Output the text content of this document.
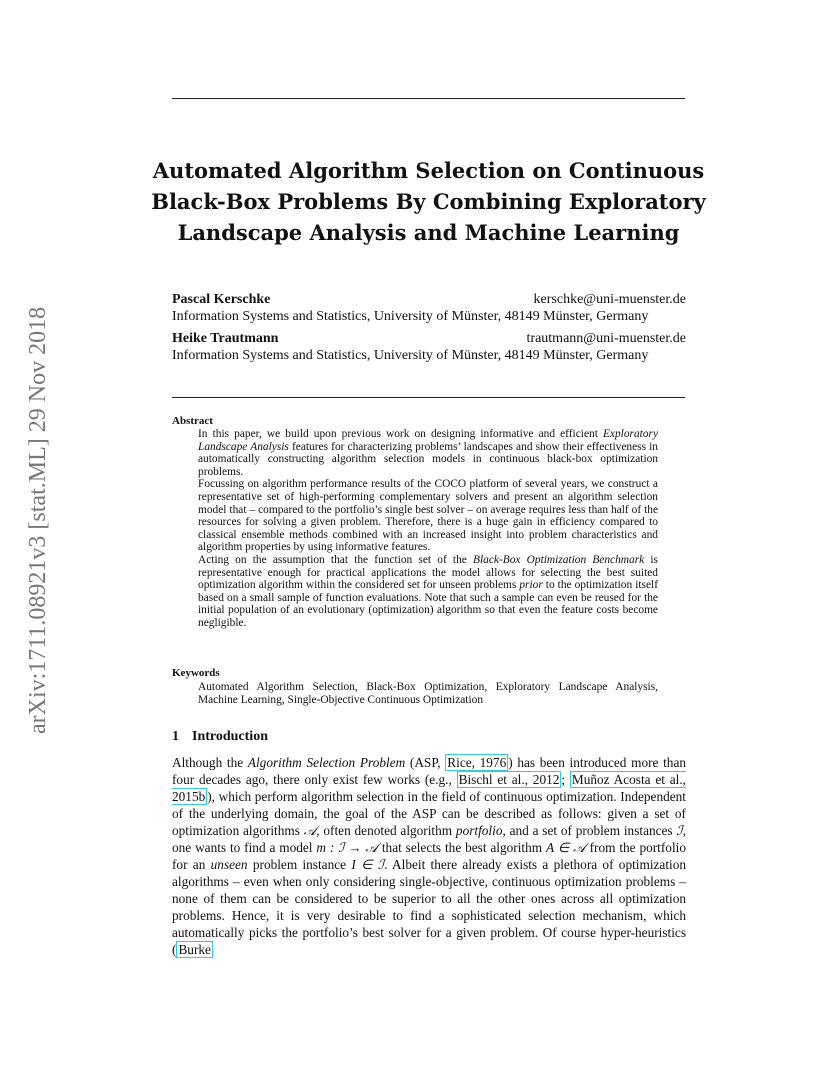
arXiv:1711.08921v3 [stat.ML] 29 Nov 2018
Automated Algorithm Selection on Continuous
Black-Box Problems By Combining Exploratory
Landscape Analysis and Machine Learning
Pascal Kerschke	kerschke@uni-muenster.de
Information Systems and Statistics, University of Münster, 48149 Münster, Germany
Heike Trautmann	trautmann@uni-muenster.de
Information Systems and Statistics, University of Münster, 48149 Münster, Germany
Abstract

In this paper, we build upon previous work on designing informative and efficient Exploratory Landscape Analysis features for characterizing problems’ landscapes and show their effectiveness in automatically constructing algorithm selection models in continuous black-box optimization problems.

Focussing on algorithm performance results of the COCO platform of several years, we construct a representative set of high-performing complementary solvers and present an algorithm selection model that – compared to the portfolio’s single best solver – on average requires less than half of the resources for solving a given problem. Therefore, there is a huge gain in efficiency compared to classical ensemble methods combined with an increased insight into problem characteristics and algorithm properties by using informative features.

Acting on the assumption that the function set of the Black-Box Optimization Benchmark is representative enough for practical applications the model allows for selecting the best suited optimization algorithm within the considered set for unseen problems prior to the optimization itself based on a small sample of function evaluations. Note that such a sample can even be reused for the initial population of an evolutionary (optimization) algorithm so that even the feature costs become negligible.

Keywords
Automated Algorithm Selection, Black-Box Optimization, Exploratory Landscape Analysis, Machine Learning, Single-Objective Continuous Optimization
1 Introduction

Although the Algorithm Selection Problem (ASP, Rice, 1976 ) has been introduced more than four decades ago, there only exist few works (e.g., Bischl et al., 2012 ; Muñoz Acosta et al., 2015b ), which perform algorithm selection in the field of continuous optimization. Independent of the underlying domain, the goal of the ASP can be described as follows: given a set of optimization algorithms 𝒜, often denoted algorithm portfolio, and a set of problem instances ℐ, one wants to find a model m : ℐ → 𝒜 that selects the best algorithm A ∈ 𝒜 from the portfolio for an unseen problem instance I ∈ ℐ. Albeit there already exists a plethora of optimization algorithms – even when only considering single-objective, continuous optimization problems – none of them can be considered to be superior to all the other ones across all optimization problems. Hence, it is very desirable to find a sophisticated selection mechanism, which automatically picks the portfolio’s best solver for a given problem. Of course hyper-heuristics ( Burke
